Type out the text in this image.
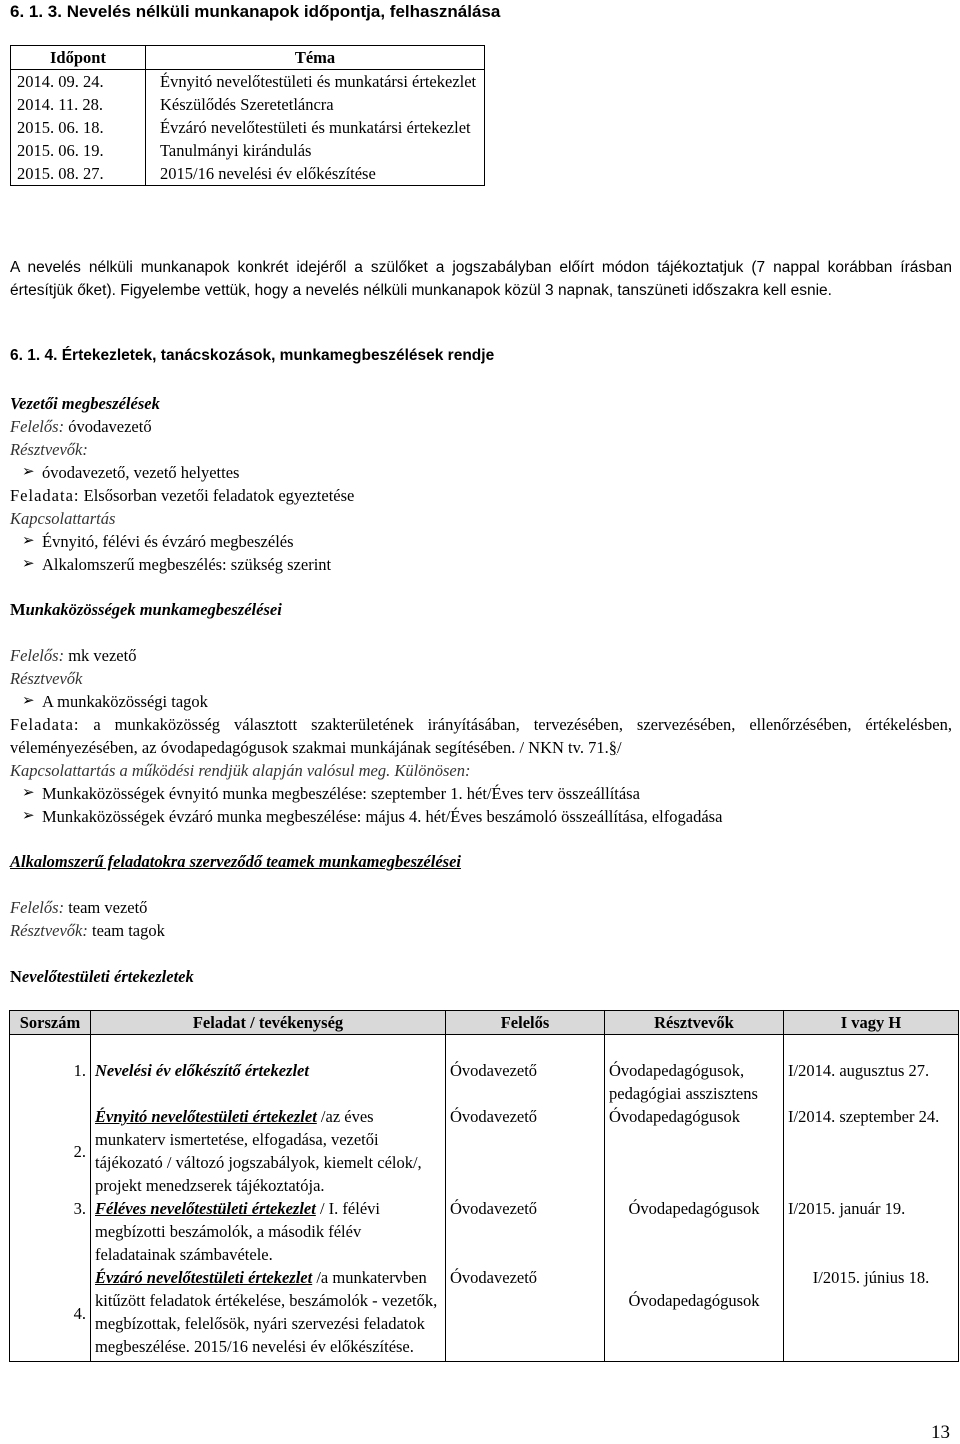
6. 1. 3. Nevelés nélküli munkanapok időpontja, felhasználása
Időpont	Téma
2014. 09. 24.	Évnyitó nevelőtestületi és munkatársi értekezlet
2014. 11. 28.	Készülődés Szeretetláncra
2015. 06. 18.	Évzáró nevelőtestületi és munkatársi értekezlet
2015. 06. 19.	Tanulmányi kirándulás
2015. 08. 27.	2015/16 nevelési év előkészítése
A nevelés nélküli munkanapok konkrét idejéről a szülőket a jogszabályban előírt módon tájékoztatjuk (7 nappal korábban írásban értesítjük őket). Figyelembe vettük, hogy a nevelés nélküli munkanapok közül 3 napnak, tanszüneti időszakra kell esnie.
6. 1. 4. Értekezletek, tanácskozások, munkamegbeszélések rendje
Vezetői megbeszélések
Felelős: óvodavezető
Résztvevők:
➢ óvodavezető, vezető helyettes
Feladata: Elsősorban vezetői feladatok egyeztetése
Kapcsolattartás
➢ Évnyitó, félévi és évzáró megbeszélés
➢ Alkalomszerű megbeszélés: szükség szerint
Munkaközösségek munkamegbeszélései
Felelős: mk vezető
Résztvevők
➢ A munkaközösségi tagok
Feladata: a munkaközösség választott szakterületének irányításában, tervezésében, szervezésében, ellenőrzésében, értékelésben, véleményezésében, az óvodapedagógusok szakmai munkájának segítésében. / NKN tv. 71.§/
Kapcsolattartás a működési rendjük alapján valósul meg. Különösen:
➢ Munkaközösségek évnyitó munka megbeszélése: szeptember 1. hét/Éves terv összeállítása
➢ Munkaközösségek évzáró munka megbeszélése: május 4. hét/Éves beszámoló összeállítása, elfogadása
Alkalomszerű feladatokra szerveződő teamek munkamegbeszélései
Felelős: team vezető
Résztvevők: team tagok
Nevelőtestületi értekezletek
Sorszám	Feladat / tevékenység	Felelős	Résztvevők	I vagy H
1.	Nevelési év előkészítő értekezlet	Óvodavezető	Óvodapedagógusok, pedagógiai asszisztens	I/2014. augusztus 27.
2.	Évnyitó nevelőtestületi értekezlet /az éves munkaterv ismertetése, elfogadása, vezetői tájékozató / változó jogszabályok, kiemelt célok/, projekt menedzserek tájékoztatója.	Óvodavezető	Óvodapedagógusok	I/2014. szeptember 24.
3.	Féléves nevelőtestületi értekezlet / I. félévi megbízotti beszámolók, a második félév feladatainak számbavétele.	Óvodavezető	Óvodapedagógusok	I/2015. január 19.
4.	Évzáró nevelőtestületi értekezlet /a munkatervben kitűzött feladatok értékelése, beszámolók - vezetők, megbízottak, felelősök, nyári szervezési feladatok megbeszélése. 2015/16 nevelési év előkészítése.	Óvodavezető	Óvodapedagógusok	I/2015. június 18.
13
